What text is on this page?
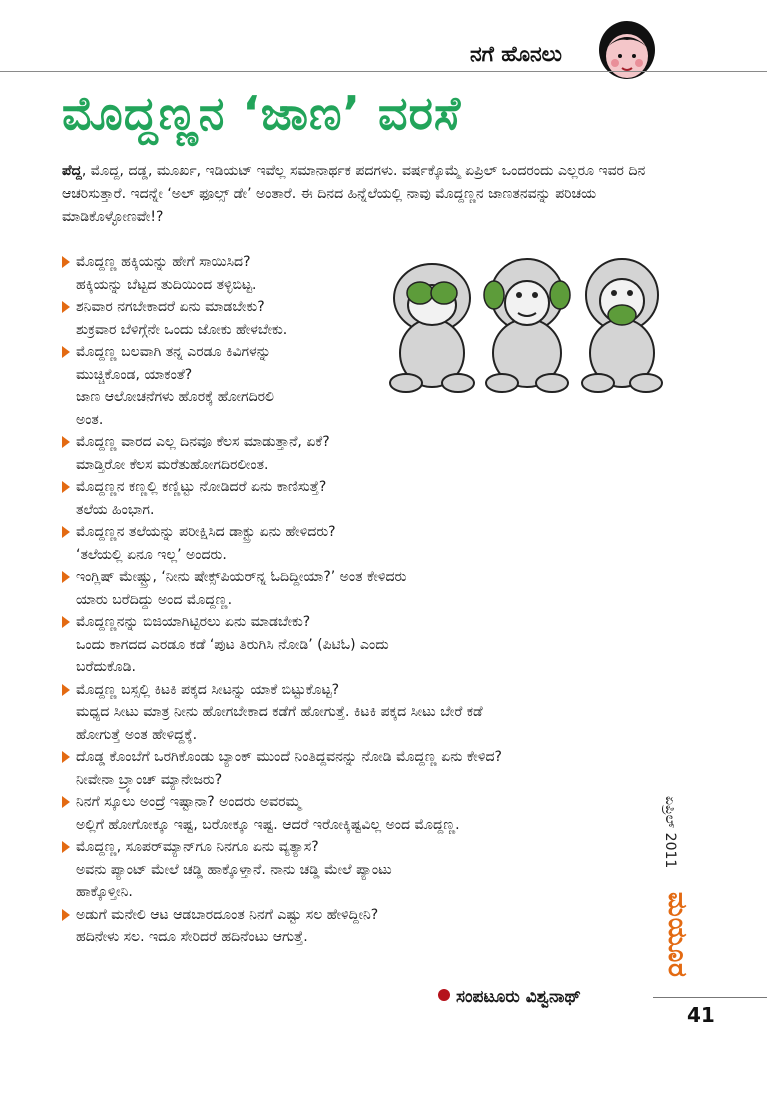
ನಗೆ ಹೊನಲು
ಮೊದ್ದಣ್ಣನ ‘ಜಾಣ’ ವರಸೆ
ಪೆದ್ದ, ಮೊದ್ದ, ದಡ್ಡ, ಮೂರ್ಖ, ಇಡಿಯಟ್ ಇವೆಲ್ಲ ಸಮಾನಾರ್ಥಕ ಪದಗಳು. ವರ್ಷಕ್ಕೊಮ್ಮೆ ಏಪ್ರಿಲ್ ಒಂದರಂದು ಎಲ್ಲರೂ ಇವರ ದಿನ ಆಚರಿಸುತ್ತಾರೆ. ಇದನ್ನೇ ‘ಅಲ್ ಫೂಲ್ಸ್ ಡೇ’ ಅಂತಾರೆ. ಈ ದಿನದ ಹಿನ್ನೆಲೆಯಲ್ಲಿ ನಾವು ಮೊದ್ದಣ್ಣನ ಜಾಣತನವನ್ನು ಪರಿಚಯ ಮಾಡಿಕೊಳ್ಳೋಣವೇ!?
ಮೊದ್ದಣ್ಣ ಹಕ್ಕಿಯನ್ನು ಹೇಗೆ ಸಾಯಿಸಿದ?
ಹಕ್ಕಿಯನ್ನು ಬೆಟ್ಟದ ತುದಿಯಿಂದ ತಳ್ಳಿಬಿಟ್ಟ.
ಶನಿವಾರ ನಗಬೇಕಾದರೆ ಏನು ಮಾಡಬೇಕು?
ಶುಕ್ರವಾರ ಬೆಳಿಗ್ಗೆನೇ ಒಂದು ಜೋಕು ಹೇಳಬೇಕು.
ಮೊದ್ದಣ್ಣ ಬಲವಾಗಿ ತನ್ನ ಎರಡೂ ಕಿವಿಗಳನ್ನು
ಮುಚ್ಚಿಕೊಂಡ, ಯಾಕಂತೆ?
ಜಾಣ ಆಲೋಚನೆಗಳು ಹೊರಕ್ಕೆ ಹೋಗದಿರಲಿ
ಅಂತ.
ಮೊದ್ದಣ್ಣ ವಾರದ ಎಲ್ಲ ದಿನವೂ ಕೆಲಸ ಮಾಡುತ್ತಾನೆ, ಏಕೆ?
ಮಾಡ್ತಿರೋ ಕೆಲಸ ಮರೆತುಹೋಗದಿರಲೀಂತ.
ಮೊದ್ದಣ್ಣನ ಕಣ್ಣಲ್ಲಿ ಕಣ್ಣಿಟ್ಟು ನೋಡಿದರೆ ಏನು ಕಾಣಿಸುತ್ತೆ?
ತಲೆಯ ಹಿಂಭಾಗ.
ಮೊದ್ದಣ್ಣನ ತಲೆಯನ್ನು ಪರೀಕ್ಷಿಸಿದ ಡಾಕ್ಟ್ರು ಏನು ಹೇಳಿದರು?
‘ತಲೆಯಲ್ಲಿ ಏನೂ ಇಲ್ಲ’ ಅಂದರು.
ಇಂಗ್ಲಿಷ್ ಮೇಷ್ಟ್ರು, ‘ನೀನು ಷೇಕ್ಸ್‌ಪಿಯರ್‌ನ್ನ ಓದಿದ್ದೀಯಾ?’ ಅಂತ ಕೇಳಿದರು
ಯಾರು ಬರೆದಿದ್ದು ಅಂದ ಮೊದ್ದಣ್ಣ.
ಮೊದ್ದಣ್ಣನನ್ನು ಬಿಜಿಯಾಗಿಟ್ಟಿರಲು ಏನು ಮಾಡಬೇಕು?
ಒಂದು ಕಾಗದದ ಎರಡೂ ಕಡೆ ‘ಪುಟ ತಿರುಗಿಸಿ ನೋಡಿ’ (ಪಿಟಿಓ) ಎಂದು
ಬರೆದುಕೊಡಿ.
ಮೊದ್ದಣ್ಣ ಬಸ್ಸಲ್ಲಿ ಕಿಟಕಿ ಪಕ್ಕದ ಸೀಟನ್ನು ಯಾಕೆ ಬಿಟ್ಟುಕೊಟ್ಟ?
ಮಧ್ಯದ ಸೀಟು ಮಾತ್ರ ನೀನು ಹೋಗಬೇಕಾದ ಕಡೆಗೆ ಹೋಗುತ್ತೆ. ಕಿಟಕಿ ಪಕ್ಕದ ಸೀಟು ಬೇರೆ ಕಡೆ
ಹೋಗುತ್ತೆ ಅಂತ ಹೇಳಿದ್ದಕ್ಕೆ.
ದೊಡ್ಡ ಕೊಂಬೆಗೆ ಒರಗಿಕೊಂಡು ಬ್ಯಾಂಕ್ ಮುಂದೆ ನಿಂತಿದ್ದವನನ್ನು ನೋಡಿ ಮೊದ್ದಣ್ಣ ಏನು ಕೇಳಿದ?
ನೀವೇನಾ ಬ್ರ್ಯಾಂಚ್ ಮ್ಯಾನೇಜರು?
ನಿನಗೆ ಸ್ಕೂಲು ಅಂದ್ರೆ ಇಷ್ಟಾನಾ? ಅಂದರು ಅವರಮ್ಮ
ಅಲ್ಲಿಗೆ ಹೋಗೋಕ್ಕೂ ಇಷ್ಟ, ಬರೋಕ್ಕೂ ಇಷ್ಟ. ಆದರೆ ಇರೋಕ್ಕಿಷ್ಟವಿಲ್ಲ ಅಂದ ಮೊದ್ದಣ್ಣ.
ಮೊದ್ದಣ್ಣ, ಸೂಪರ್‌ಮ್ಯಾನ್‌ಗೂ ನಿನಗೂ ಏನು ವ್ಯತ್ಯಾಸ?
ಅವನು ಪ್ಯಾಂಟ್ ಮೇಲೆ ಚಡ್ಡಿ ಹಾಕ್ಕೊಳ್ತಾನೆ. ನಾನು ಚಡ್ಡಿ ಮೇಲೆ ಪ್ಯಾಂಟು
ಹಾಕ್ಕೊಳ್ತೀನಿ.
ಅಡುಗೆ ಮನೇಲಿ ಆಟ ಆಡಬಾರದೂಂತ ನಿನಗೆ ಎಷ್ಟು ಸಲ ಹೇಳಿದ್ದೀನಿ?
ಹದಿನೇಳು ಸಲ. ಇದೂ ಸೇರಿದರೆ ಹದಿನೆಂಟು ಆಗುತ್ತೆ.
ಸಂಪಟೂರು ವಿಶ್ವನಾಥ್
ಏಪ್ರಿಲ್ 2011
ಮಯೂರ
41
